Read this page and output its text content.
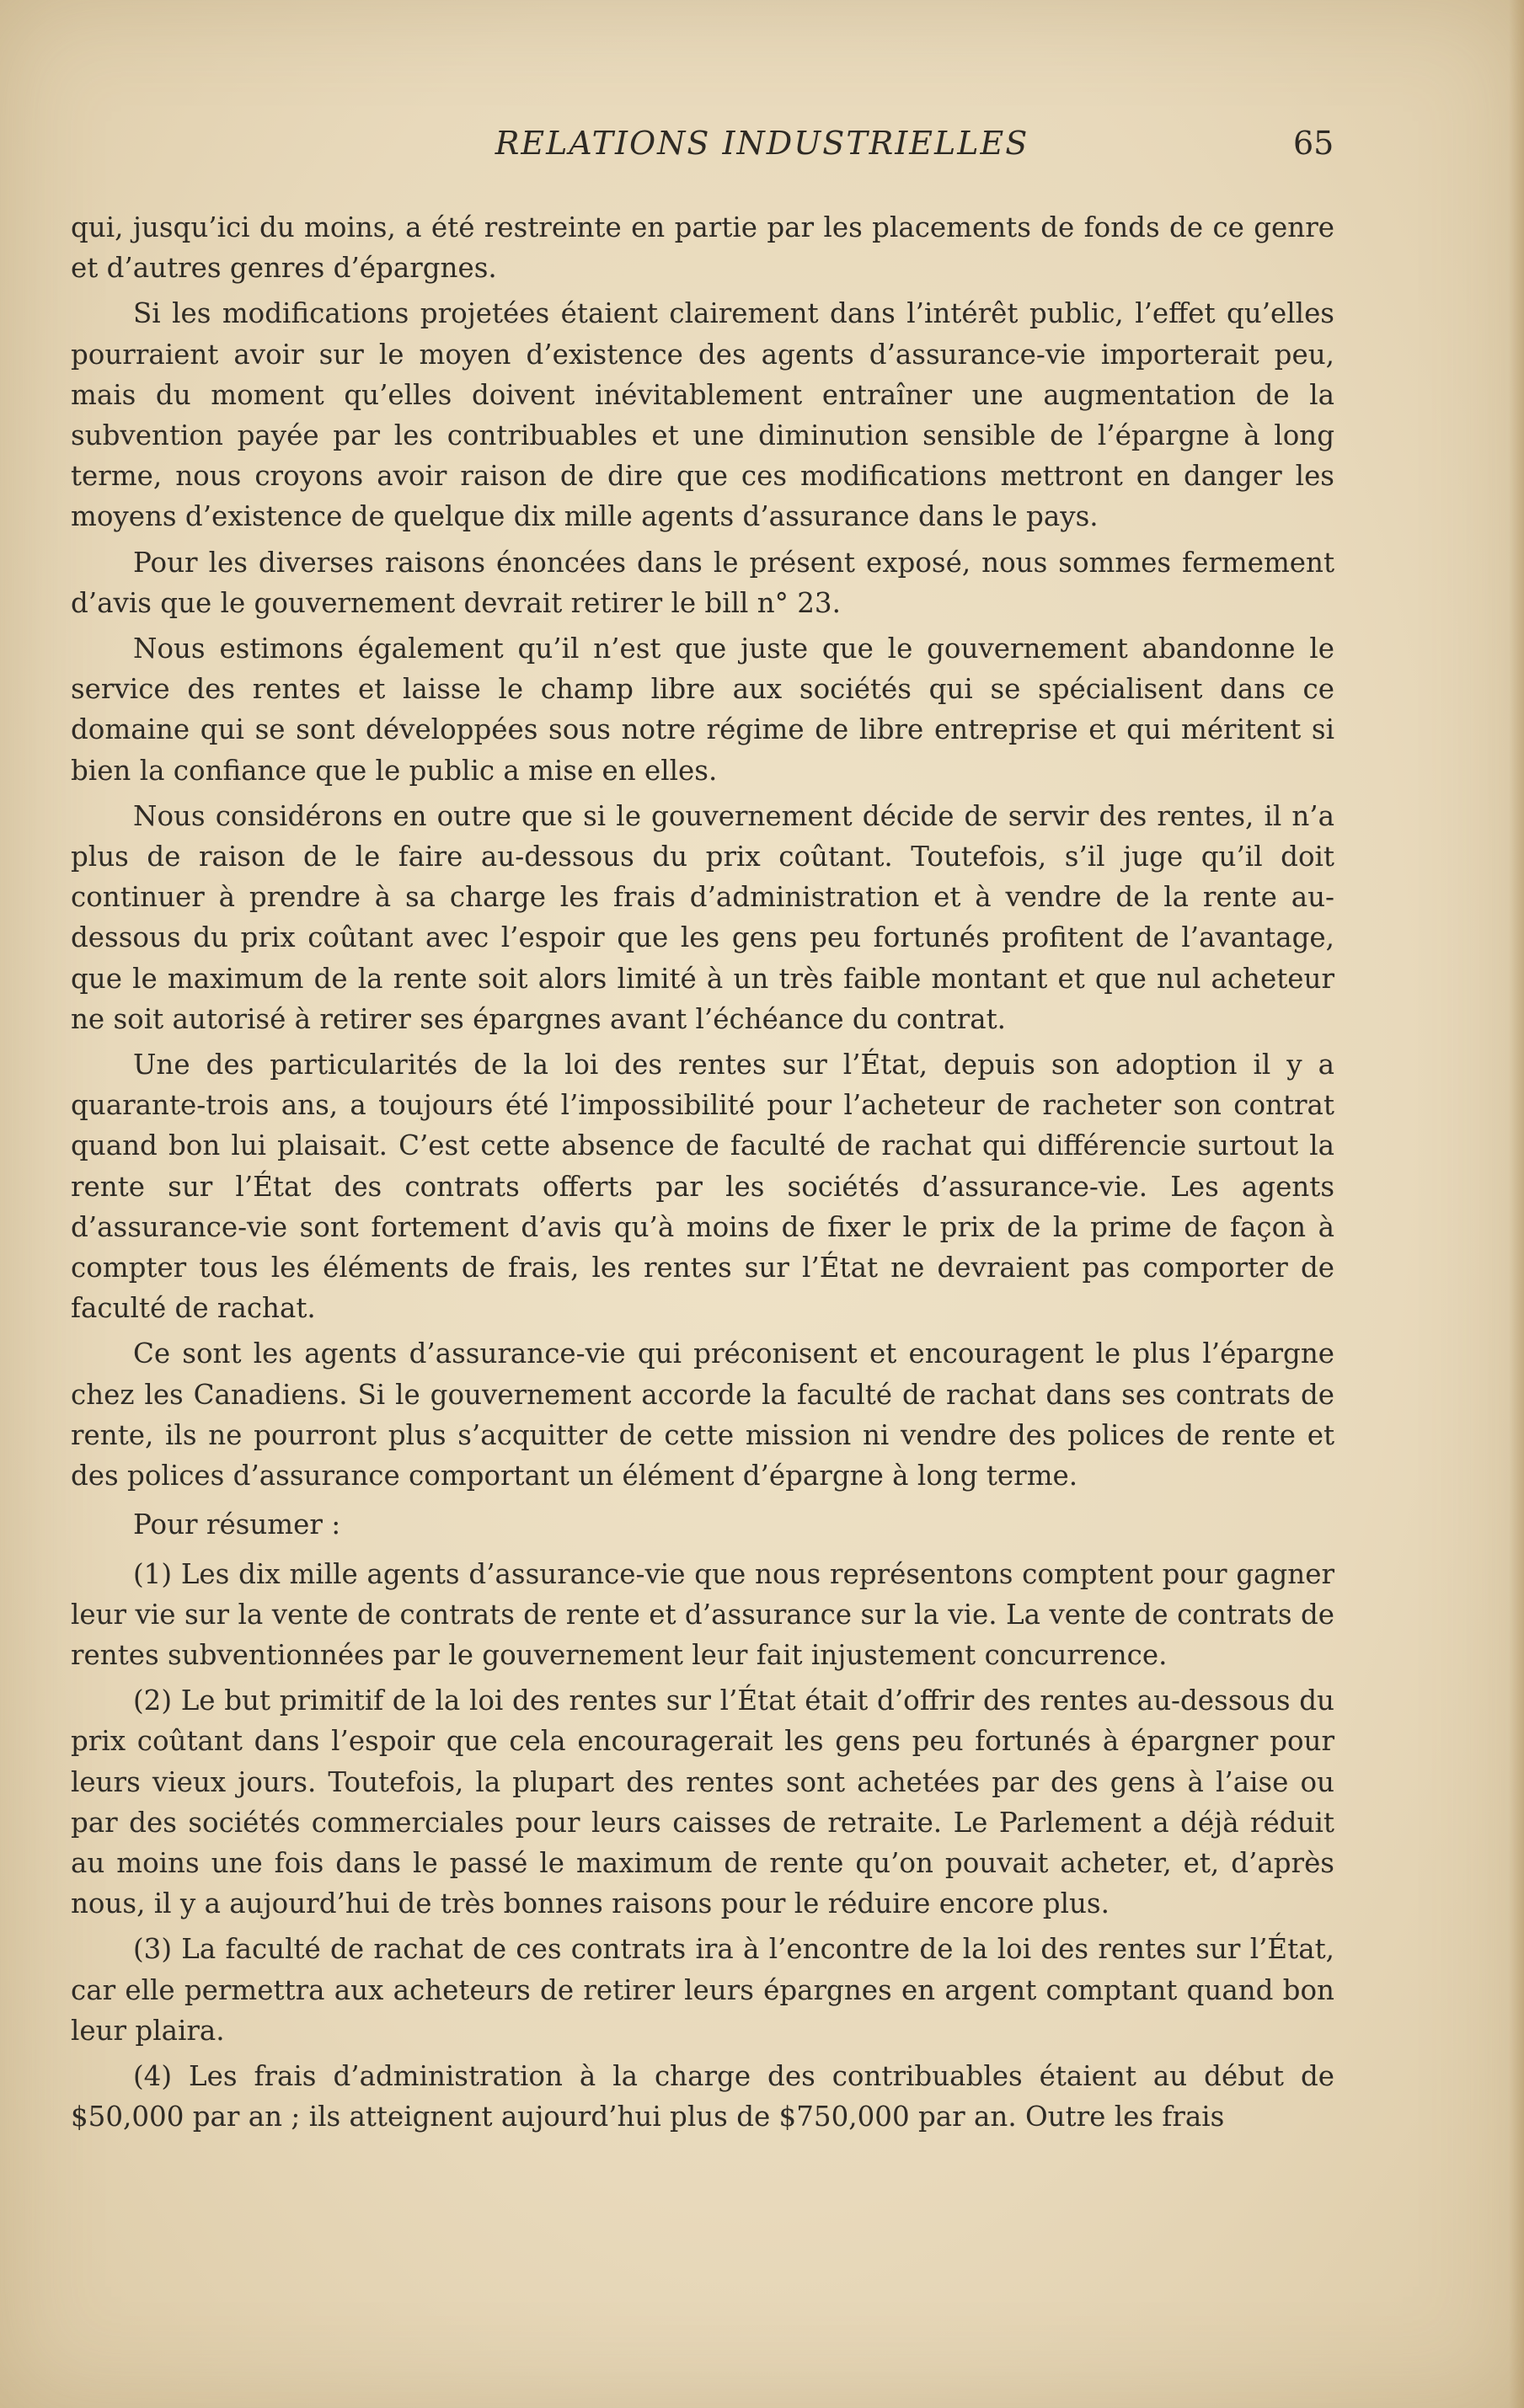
RELATIONS INDUSTRIELLES	65

qui, jusqu’ici du moins, a été restreinte en partie par les placements de fonds de ce genre et d’autres genres d’épargnes.

Si les modifications projetées étaient clairement dans l’intérêt public, l’effet qu’elles pourraient avoir sur le moyen d’existence des agents d’assurance-vie importerait peu, mais du moment qu’elles doivent inévitablement entraîner une augmentation de la subvention payée par les contribuables et une diminution sensible de l’épargne à long terme, nous croyons avoir raison de dire que ces modifications mettront en danger les moyens d’existence de quelque dix mille agents d’assurance dans le pays.

Pour les diverses raisons énoncées dans le présent exposé, nous sommes fermement d’avis que le gouvernement devrait retirer le bill n° 23.

Nous estimons également qu’il n’est que juste que le gouvernement abandonne le service des rentes et laisse le champ libre aux sociétés qui se spécialisent dans ce domaine qui se sont développées sous notre régime de libre entreprise et qui méritent si bien la confiance que le public a mise en elles.

Nous considérons en outre que si le gouvernement décide de servir des rentes, il n’a plus de raison de le faire au-dessous du prix coûtant. Toutefois, s’il juge qu’il doit continuer à prendre à sa charge les frais d’administration et à vendre de la rente au-dessous du prix coûtant avec l’espoir que les gens peu fortunés profitent de l’avantage, que le maximum de la rente soit alors limité à un très faible montant et que nul acheteur ne soit autorisé à retirer ses épargnes avant l’échéance du contrat.

Une des particularités de la loi des rentes sur l’État, depuis son adoption il y a quarante-trois ans, a toujours été l’impossibilité pour l’acheteur de racheter son contrat quand bon lui plaisait. C’est cette absence de faculté de rachat qui différencie surtout la rente sur l’État des contrats offerts par les sociétés d’assurance-vie. Les agents d’assurance-vie sont fortement d’avis qu’à moins de fixer le prix de la prime de façon à compter tous les éléments de frais, les rentes sur l’État ne devraient pas comporter de faculté de rachat.

Ce sont les agents d’assurance-vie qui préconisent et encouragent le plus l’épargne chez les Canadiens. Si le gouvernement accorde la faculté de rachat dans ses contrats de rente, ils ne pourront plus s’acquitter de cette mission ni vendre des polices de rente et des polices d’assurance comportant un élément d’épargne à long terme.

Pour résumer :

(1) Les dix mille agents d’assurance-vie que nous représentons comptent pour gagner leur vie sur la vente de contrats de rente et d’assurance sur la vie. La vente de contrats de rentes subventionnées par le gouvernement leur fait injustement concurrence.

(2) Le but primitif de la loi des rentes sur l’État était d’offrir des rentes au-dessous du prix coûtant dans l’espoir que cela encouragerait les gens peu fortunés à épargner pour leurs vieux jours. Toutefois, la plupart des rentes sont achetées par des gens à l’aise ou par des sociétés commerciales pour leurs caisses de retraite. Le Parlement a déjà réduit au moins une fois dans le passé le maximum de rente qu’on pouvait acheter, et, d’après nous, il y a aujourd’hui de très bonnes raisons pour le réduire encore plus.

(3) La faculté de rachat de ces contrats ira à l’encontre de la loi des rentes sur l’État, car elle permettra aux acheteurs de retirer leurs épargnes en argent comptant quand bon leur plaira.

(4) Les frais d’administration à la charge des contribuables étaient au début de $50,000 par an ; ils atteignent aujourd’hui plus de $750,000 par an. Outre les frais
